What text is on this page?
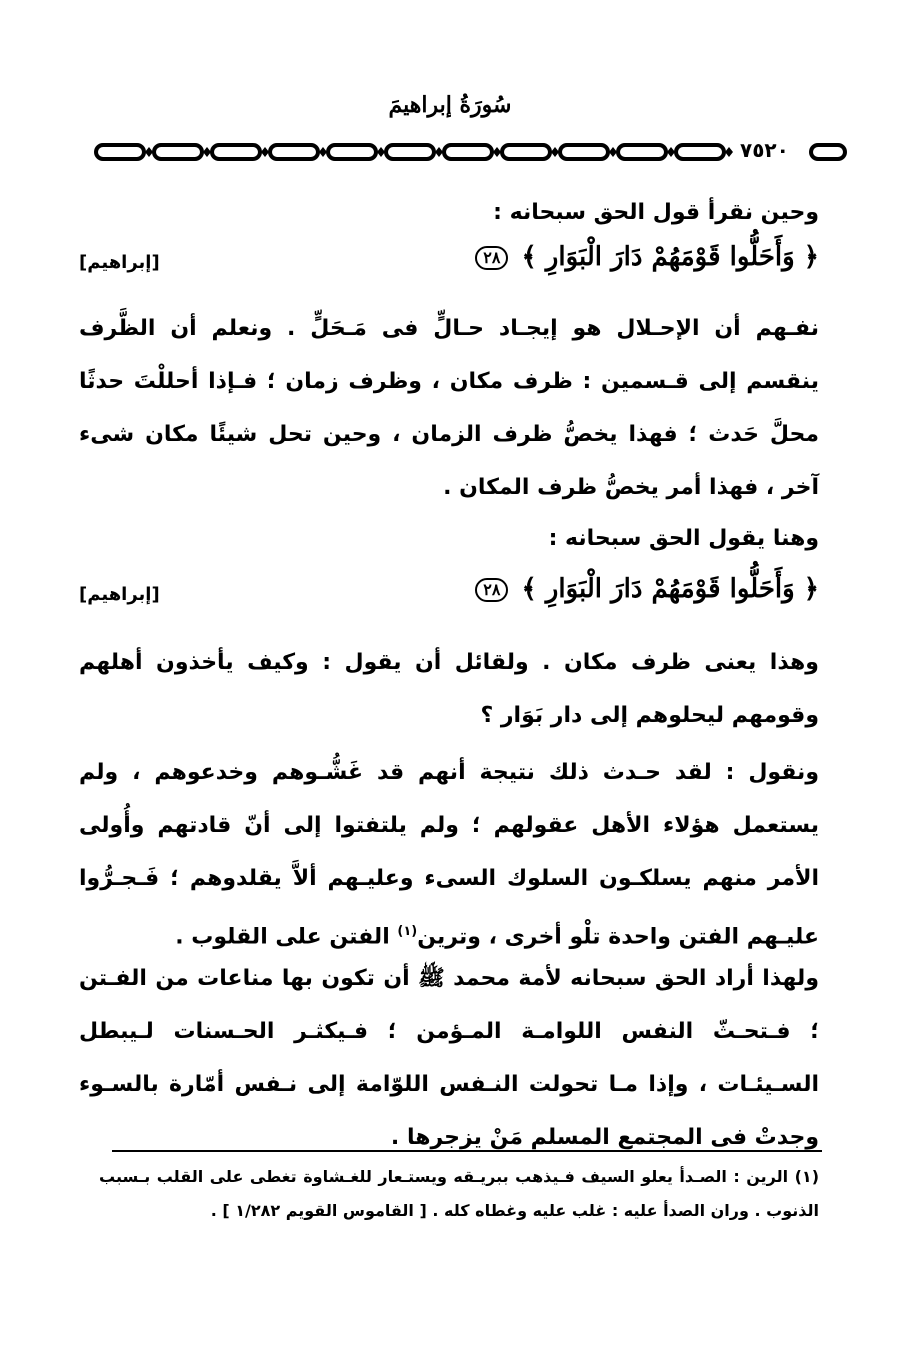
سُورَةُ إبراهيمَ
٧٥٢٠
وحين نقرأ قول الحق سبحانه :
﴿ وَأَحَلُّوا قَوْمَهُمْ دَارَ الْبَوَارِ ﴾ ٢٨
[إبراهيم]
نفـهم أن الإحـلال هو إيجـاد حـالٍّ فى مَـحَلٍّ . ونعلم أن الظَّرف ينقسم إلى قـسمين : ظرف مكان ، وظرف زمان ؛ فـإذا أحللْتَ حدثًا محلَّ حَدث ؛ فهذا يخصُّ ظرف الزمان ، وحين تحل شيئًا مكان شىء آخر ، فهذا أمر يخصُّ ظرف المكان .
وهنا يقول الحق سبحانه :
﴿ وَأَحَلُّوا قَوْمَهُمْ دَارَ الْبَوَارِ ﴾ ٢٨
[إبراهيم]
وهذا يعنى ظرف مكان . ولقائل أن يقول : وكيف يأخذون أهلهم وقومهم ليحلوهم إلى دار بَوَار ؟
ونقول : لقد حـدث ذلك نتيجة أنهم قد غَشُّـوهم وخدعوهم ، ولم يستعمل هؤلاء الأهل عقولهم ؛ ولم يلتفتوا إلى أنّ قادتهم وأُولى الأمر منهم يسلكـون السلوك السىء وعليـهم ألاَّ يقلدوهم ؛ فَـجـرُّوا عليـهم الفتن واحدة تلْو أخرى ، وترين$^{(١)}$ الفتن على القلوب .
ولهذا أراد الحق سبحانه لأمة محمد ﷺ أن تكون بها مناعات من الفـتن ؛ فـتحـثّ النفس اللوامـة المـؤمن ؛ فـيكثـر الحـسنات لـيبطل السـيئـات ، وإذا مـا تحولت النـفس اللوّامة إلى نـفس أمّارة بالسـوء وجدتْ فى المجتمع المسلم مَنْ يزجرها .
(١) الرين : الصـدأ يعلو السيف فـيذهب ببريـقه ويستـعار للغـشاوة تغطى على القلب بـسبب الذنوب . وران الصدأ عليه : غلب عليه وغطاه كله . [ القاموس القويم ١/٢٨٢ ] .
